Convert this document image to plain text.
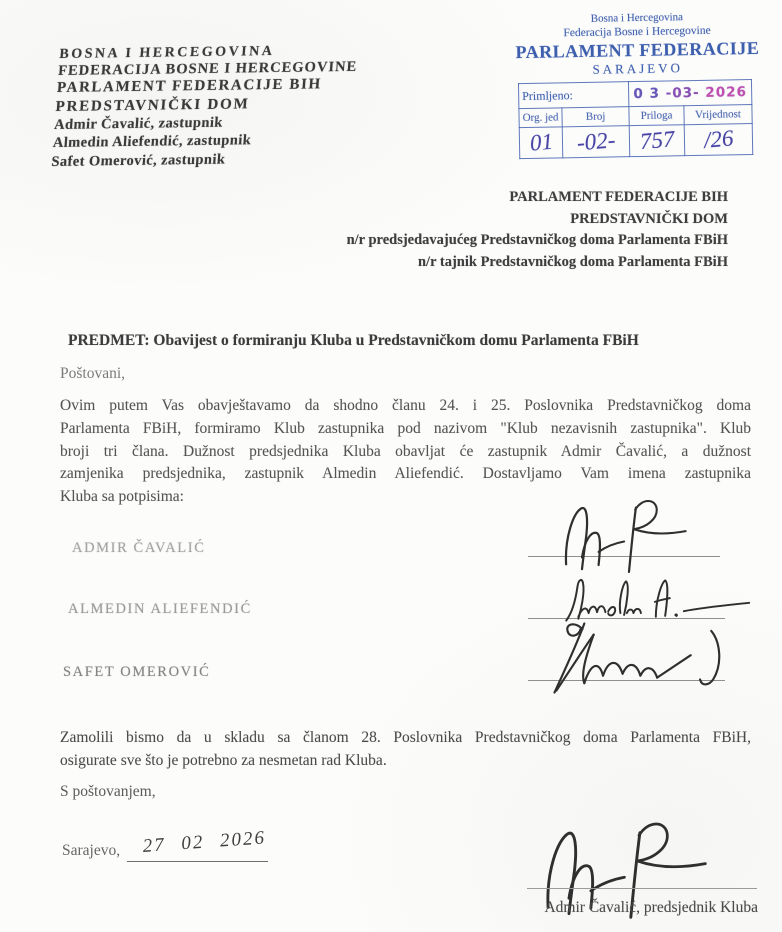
BOSNA I HERCEGOVINA
FEDERACIJA BOSNE I HERCEGOVINE
PARLAMENT FEDERACIJE BIH
PREDSTAVNIČKI DOM
Admir Čavalić, zastupnik
Almedin Aliefendić, zastupnik
Safet Omerović, zastupnik
Bosna i Hercegovina
Federacija Bosne i Hercegovine
PARLAMENT FEDERACIJE
SARAJEVO
Primljeno:		0 3 -03- 2026	
Org. jed	Broj	Priloga	Vrijednost
01	-02-	757	/26
PARLAMENT FEDERACIJE BIH
PREDSTAVNIČKI DOM
n/r predsjedavajućeg Predstavničkog doma Parlamenta FBiH
n/r tajnik Predstavničkog doma Parlamenta FBiH
PREDMET: Obavijest o formiranju Kluba u Predstavničkom domu Parlamenta FBiH
Poštovani,
Ovim putem Vas obavještavamo da shodno članu 24. i 25. Poslovnika Predstavničkog doma
Parlamenta FBiH, formiramo Klub zastupnika pod nazivom "Klub nezavisnih zastupnika". Klub
broji tri člana. Dužnost predsjednika Kluba obavljat će zastupnik Admir Čavalić, a dužnost
zamjenika predsjednika, zastupnik Almedin Aliefendić. Dostavljamo Vam imena zastupnika
Kluba sa potpisima:
ADMIR ČAVALIĆ
ALMEDIN ALIEFENDIĆ
SAFET OMEROVIĆ
Zamolili bismo da u skladu sa članom 28. Poslovnika Predstavničkog doma Parlamenta FBiH,
osigurate sve što je potrebno za nesmetan rad Kluba.
S poštovanjem,
Sarajevo, 27 02 2026
Admir Čavalić, predsjednik Kluba
